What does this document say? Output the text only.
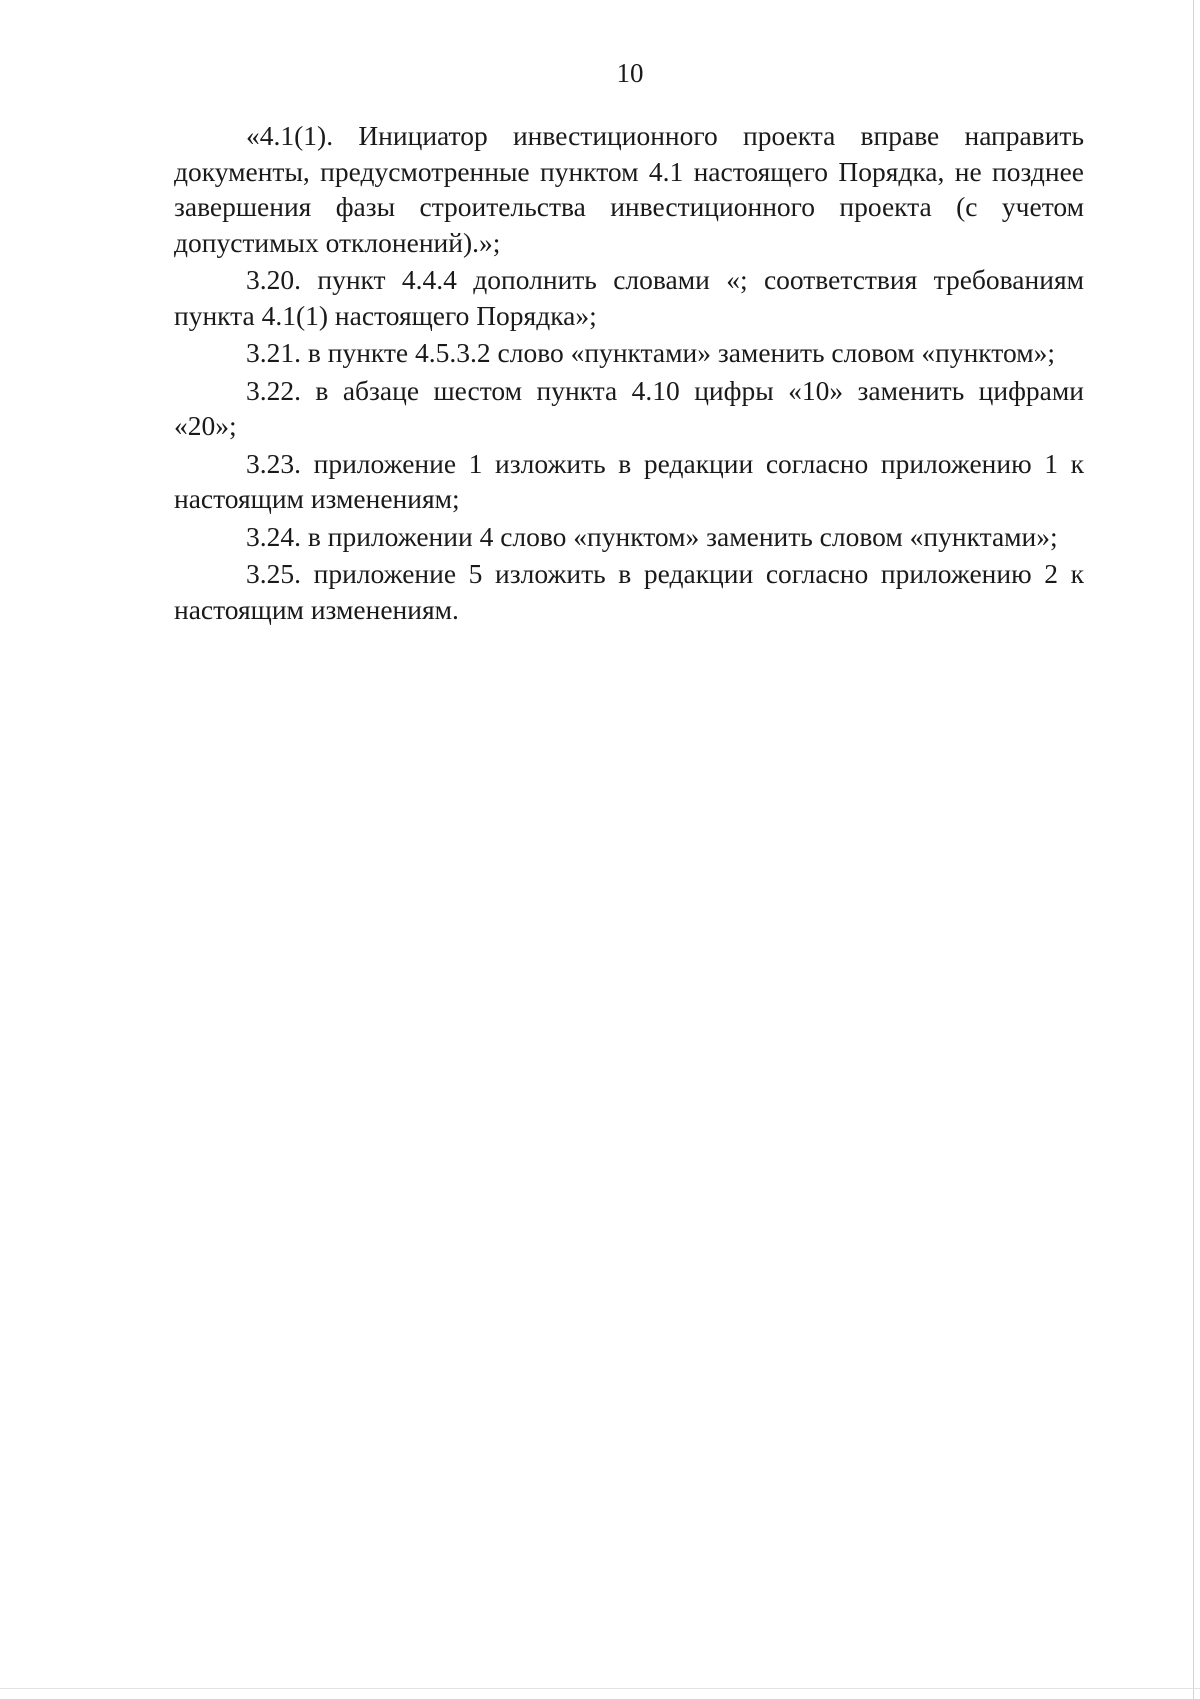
10

«4.1(1). Инициатор инвестиционного проекта вправе направить документы, предусмотренные пунктом 4.1 настоящего Порядка, не позднее завершения фазы строительства инвестиционного проекта (с учетом допустимых отклонений).»;

3.20. пункт 4.4.4 дополнить словами «; соответствия требованиям пункта 4.1(1) настоящего Порядка»;

3.21. в пункте 4.5.3.2 слово «пунктами» заменить словом «пунктом»;

3.22. в абзаце шестом пункта 4.10 цифры «10» заменить цифрами «20»;

3.23. приложение 1 изложить в редакции согласно приложению 1 к настоящим изменениям;

3.24. в приложении 4 слово «пунктом» заменить словом «пунктами»;

3.25. приложение 5 изложить в редакции согласно приложению 2 к настоящим изменениям.
